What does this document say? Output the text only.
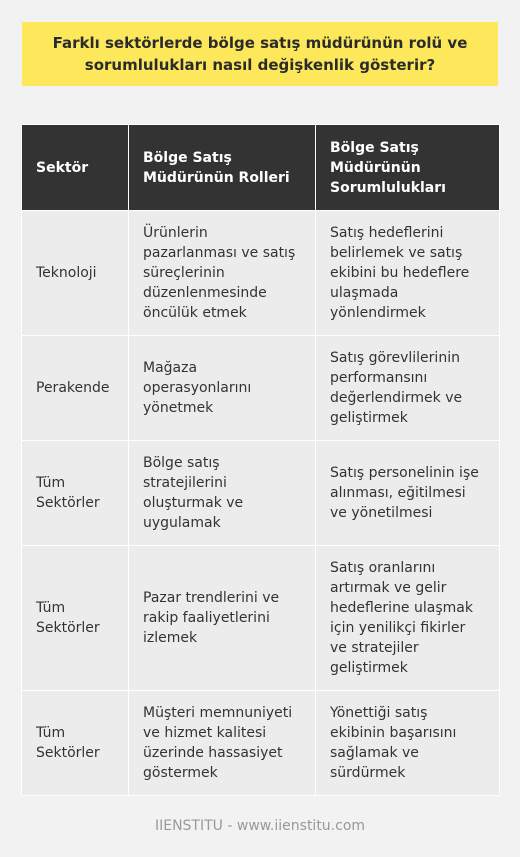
Farklı sektörlerde bölge satış müdürünün rolü ve sorumlulukları nasıl değişkenlik gösterir?
Sektör	Bölge Satış Müdürünün Rolleri	Bölge Satış Müdürünün Sorumlulukları
Teknoloji	Ürünlerin pazarlanması ve satış süreçlerinin düzenlenmesinde öncülük etmek	Satış hedeflerini belirlemek ve satış ekibini bu hedeflere ulaşmada yönlendirmek
Perakende	Mağaza operasyonlarını yönetmek	Satış görevlilerinin performansını değerlendirmek ve geliştirmek
Tüm Sektörler	Bölge satış stratejilerini oluşturmak ve uygulamak	Satış personelinin işe alınması, eğitilmesi ve yönetilmesi
Tüm Sektörler	Pazar trendlerini ve rakip faaliyetlerini izlemek	Satış oranlarını artırmak ve gelir hedeflerine ulaşmak için yenilikçi fikirler ve stratejiler geliştirmek
Tüm Sektörler	Müşteri memnuniyeti ve hizmet kalitesi üzerinde hassasiyet göstermek	Yönettiği satış ekibinin başarısını sağlamak ve sürdürmek
IIENSTITU - www.iienstitu.com
